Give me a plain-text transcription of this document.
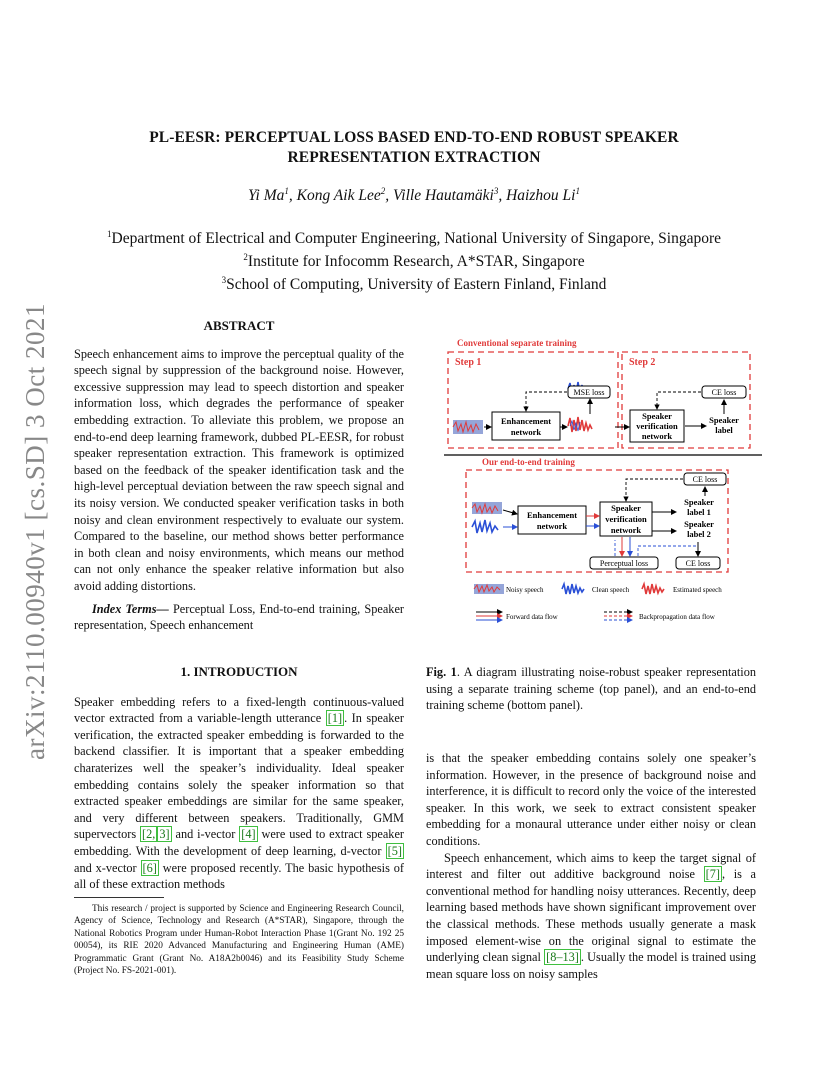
arXiv:2110.00940v1 [cs.SD] 3 Oct 2021
PL-EESR: PERCEPTUAL LOSS BASED END-TO-END ROBUST SPEAKER
REPRESENTATION EXTRACTION
Yi Ma$^1$, Kong Aik Lee$^2$, Ville Hautamäki$^3$, Haizhou Li$^1$
$^1$Department of Electrical and Computer Engineering, National University of Singapore, Singapore
$^2$Institute for Infocomm Research, A*STAR, Singapore
$^3$School of Computing, University of Eastern Finland, Finland
ABSTRACT

Speech enhancement aims to improve the perceptual quality of the speech signal by suppression of the background noise. However, excessive suppression may lead to speech distortion and speaker information loss, which degrades the performance of speaker embedding extraction. To alleviate this problem, we propose an end-to-end deep learning framework, dubbed PL-EESR, for robust speaker representation extraction. This framework is optimized based on the feedback of the speaker identification task and the high-level perceptual deviation between the raw speech signal and its noisy version. We conducted speaker verification tasks in both noisy and clean environment respectively to evaluate our system. Compared to the baseline, our method shows better performance in both clean and noisy environments, which means our method can not only enhance the speaker relative information but also avoid adding distortions.

Index Terms— Perceptual Loss, End-to-end training, Speaker representation, Speech enhancement

1. INTRODUCTION

Speaker embedding refers to a fixed-length continuous-valued vector extracted from a variable-length utterance [1] . In speaker verification, the extracted speaker embedding is forwarded to the backend classifier. It is important that a speaker embedding charaterizes well the speaker’s individuality. Ideal speaker embedding contains solely the speaker information so that extracted speaker embeddings are similar for the same speaker, and very different between speakers. Traditionally, GMM supervectors [2, 3] and i-vector [4] were used to extract speaker embedding. With the development of deep learning, d-vector [5] and x-vector [6] were proposed recently. The basic hypothesis of all of these extraction methods

This research / project is supported by Science and Engineering Research Council, Agency of Science, Technology and Research (A*STAR), Singapore, through the National Robotics Program under Human-Robot Interaction Phase 1(Grant No. 192 25 00054), its RIE 2020 Advanced Manufacturing and Engineering Human (AME) Programmatic Grant (Grant No. A18A2b0046) and its Feasibility Study Scheme (Project No. FS-2021-001).

Conventional separate training
Step 1	Step 2
Enhancement
network
MSE loss
Speaker
verification
network
CE loss
Speaker
label
Our end-to-end training
Enhancement
network
Speaker
verification
network
CE loss
Speaker
label 1
Speaker
label 2
Perceptual loss	CE loss
Noisy speech	Clean speech	Estimated speech
Forward data flow	Backpropagation data flow
Fig. 1. A diagram illustrating noise-robust speaker representation using a separate training scheme (top panel), and an end-to-end training scheme (bottom panel).

is that the speaker embedding contains solely one speaker’s information. However, in the presence of background noise and interference, it is difficult to record only the voice of the interested speaker. In this work, we seek to extract consistent speaker embedding for a monaural utterance under either noisy or clean conditions.

Speech enhancement, which aims to keep the target signal of interest and filter out additive background noise [7] , is a conventional method for handling noisy utterances. Recently, deep learning based methods have shown significant improvement over the classical methods. These methods usually generate a mask imposed element-wise on the original signal to estimate the underlying clean signal [8–13] . Usually the model is trained using mean square loss on noisy samples
